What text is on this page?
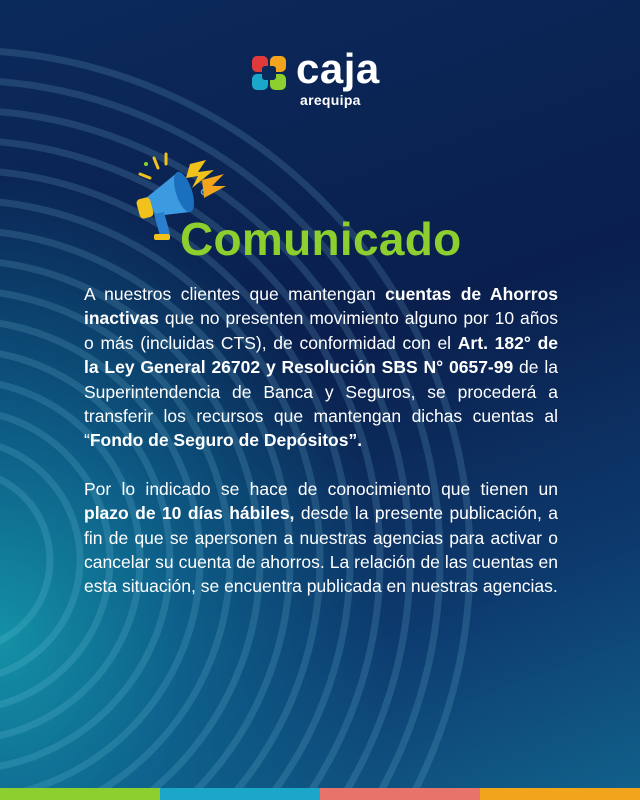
caja
arequipa
Comunicado

A nuestros clientes que mantengan cuentas de Ahorros inactivas que no presenten movimiento alguno por 10 años o más (incluidas CTS), de conformidad con el Art. 182° de la Ley General 26702 y Resolución SBS N° 0657-99 de la Superintendencia de Banca y Seguros, se procederá a transferir los recursos que mantengan dichas cuentas al “Fondo de Seguro de Depósitos”.

Por lo indicado se hace de conocimiento que tienen un plazo de 10 días hábiles, desde la presente publicación, a fin de que se apersonen a nuestras agencias para activar o cancelar su cuenta de ahorros. La relación de las cuentas en esta situación, se encuentra publicada en nuestras agencias.
